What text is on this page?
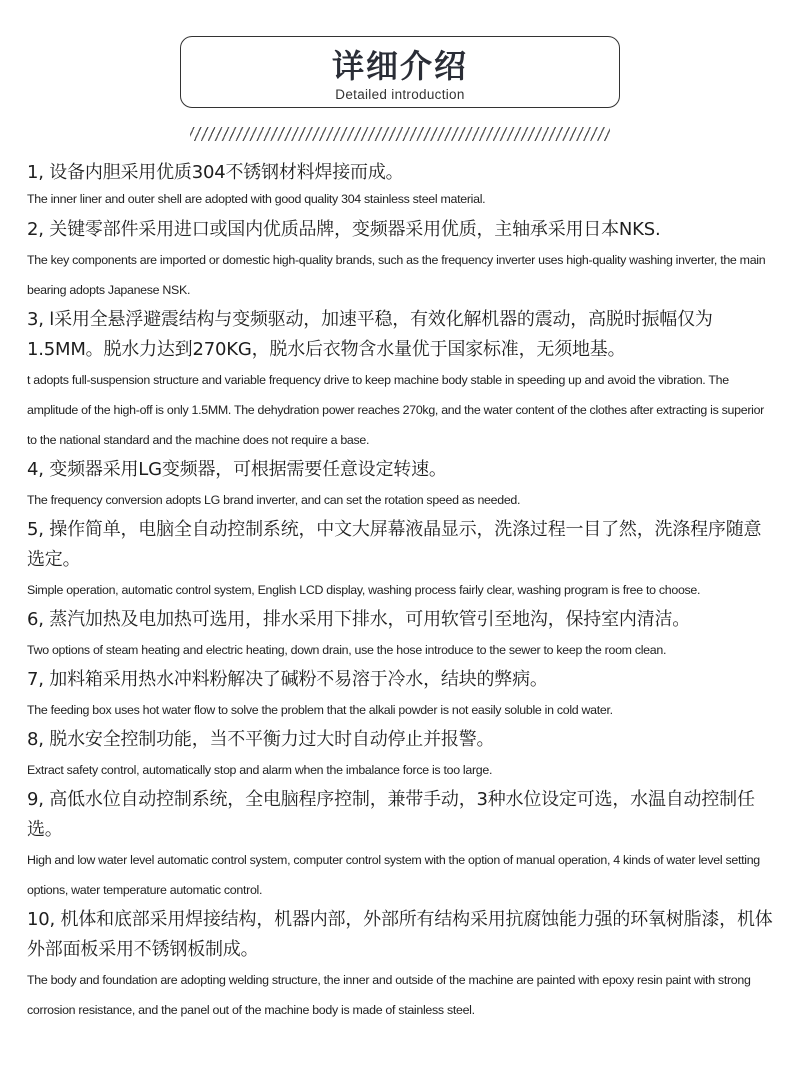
详细介绍
Detailed introduction
1, 设备内胆采用优质304不锈钢材料焊接而成。
The inner liner and outer shell are adopted with good quality 304 stainless steel material.
2, 关键零部件采用进口或国内优质品牌，变频器采用优质，主轴承采用日本NKS.
The key components are imported or domestic high-quality brands, such as the frequency inverter uses high-quality washing inverter, the main bearing adopts Japanese NSK.
3, l采用全悬浮避震结构与变频驱动，加速平稳，有效化解机器的震动，高脱时振幅仅为1.5MM。脱水力达到270KG，脱水后衣物含水量优于国家标准，无须地基。
t adopts full-suspension structure and variable frequency drive to keep machine body stable in speeding up and avoid the vibration. The amplitude of the high-off is only 1.5MM. The dehydration power reaches 270kg, and the water content of the clothes after extracting is superior to the national standard and the machine does not require a base.
4, 变频器采用LG变频器，可根据需要任意设定转速。
The frequency conversion adopts LG brand inverter, and can set the rotation speed as needed.
5, 操作简单，电脑全自动控制系统，中文大屏幕液晶显示，洗涤过程一目了然，洗涤程序随意选定。
Simple operation, automatic control system, English LCD display, washing process fairly clear, washing program is free to choose.
6, 蒸汽加热及电加热可选用，排水采用下排水，可用软管引至地沟，保持室内清洁。
Two options of steam heating and electric heating, down drain, use the hose introduce to the sewer to keep the room clean.
7, 加料箱采用热水冲料粉解决了碱粉不易溶于冷水，结块的弊病。
The feeding box uses hot water flow to solve the problem that the alkali powder is not easily soluble in cold water.
8, 脱水安全控制功能，当不平衡力过大时自动停止并报警。
Extract safety control, automatically stop and alarm when the imbalance force is too large.
9, 高低水位自动控制系统，全电脑程序控制，兼带手动，3种水位设定可选，水温自动控制任选。
High and low water level automatic control system, computer control system with the option of manual operation, 4 kinds of water level setting options, water temperature automatic control.
10, 机体和底部采用焊接结构，机器内部，外部所有结构采用抗腐蚀能力强的环氧树脂漆，机体外部面板采用不锈钢板制成。
The body and foundation are adopting welding structure, the inner and outside of the machine are painted with epoxy resin paint with strong corrosion resistance, and the panel out of the machine body is made of stainless steel.
